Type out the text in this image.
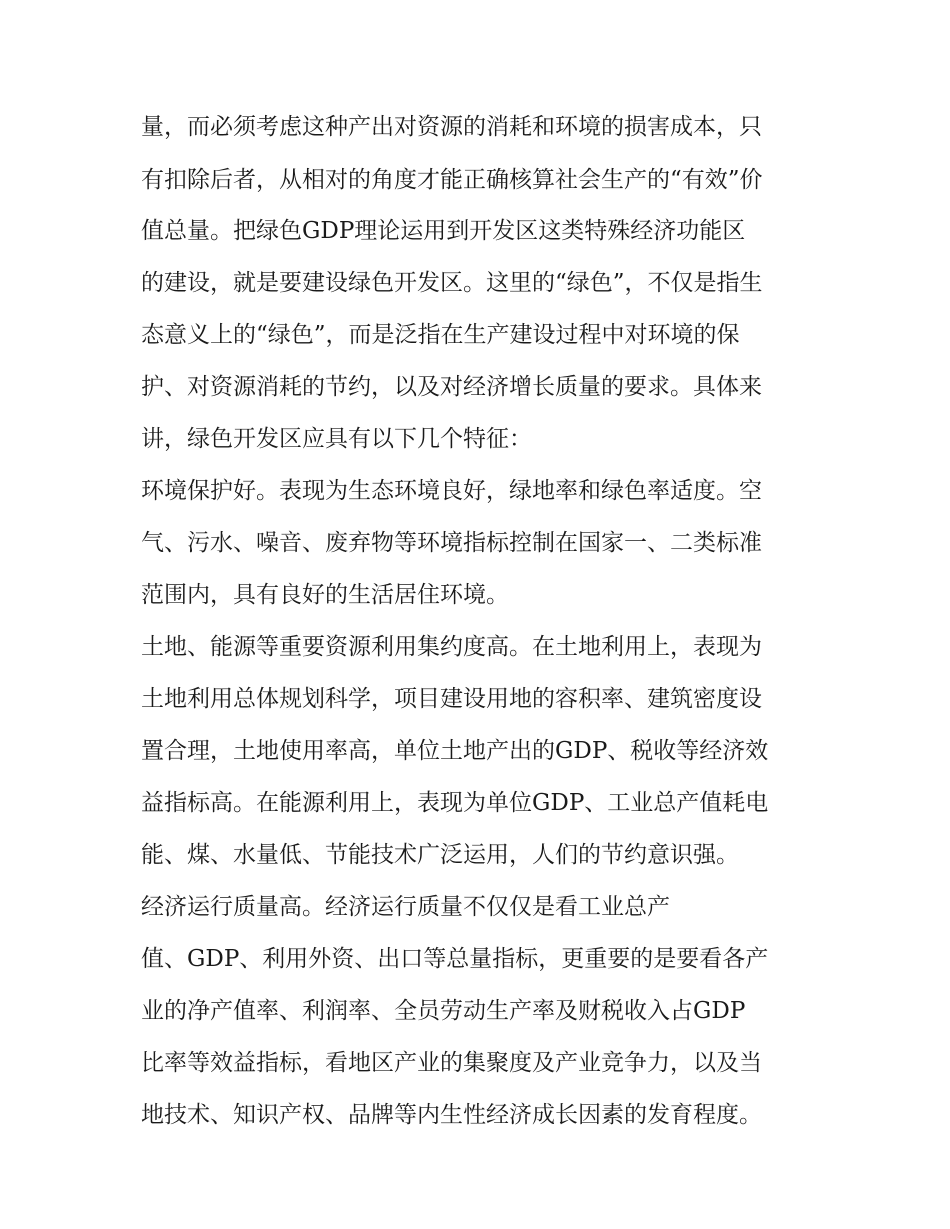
量，而必须考虑这种产出对资源的消耗和环境的损害成本，只
有扣除后者，从相对的角度才能正确核算社会生产的“有效”价
值总量。把绿色GDP理论运用到开发区这类特殊经济功能区
的建设，就是要建设绿色开发区。这里的“绿色”，不仅是指生
态意义上的“绿色”，而是泛指在生产建设过程中对环境的保
护、对资源消耗的节约，以及对经济增长质量的要求。具体来
讲，绿色开发区应具有以下几个特征：
环境保护好。表现为生态环境良好，绿地率和绿色率适度。空
气、污水、噪音、废弃物等环境指标控制在国家一、二类标准
范围内，具有良好的生活居住环境。
土地、能源等重要资源利用集约度高。在土地利用上，表现为
土地利用总体规划科学，项目建设用地的容积率、建筑密度设
置合理，土地使用率高，单位土地产出的GDP、税收等经济效
益指标高。在能源利用上，表现为单位GDP、工业总产值耗电
能、煤、水量低、节能技术广泛运用，人们的节约意识强。
经济运行质量高。经济运行质量不仅仅是看工业总产
值、GDP、利用外资、出口等总量指标，更重要的是要看各产
业的净产值率、利润率、全员劳动生产率及财税收入占GDP
比率等效益指标，看地区产业的集聚度及产业竞争力，以及当
地技术、知识产权、品牌等内生性经济成长因素的发育程度。
